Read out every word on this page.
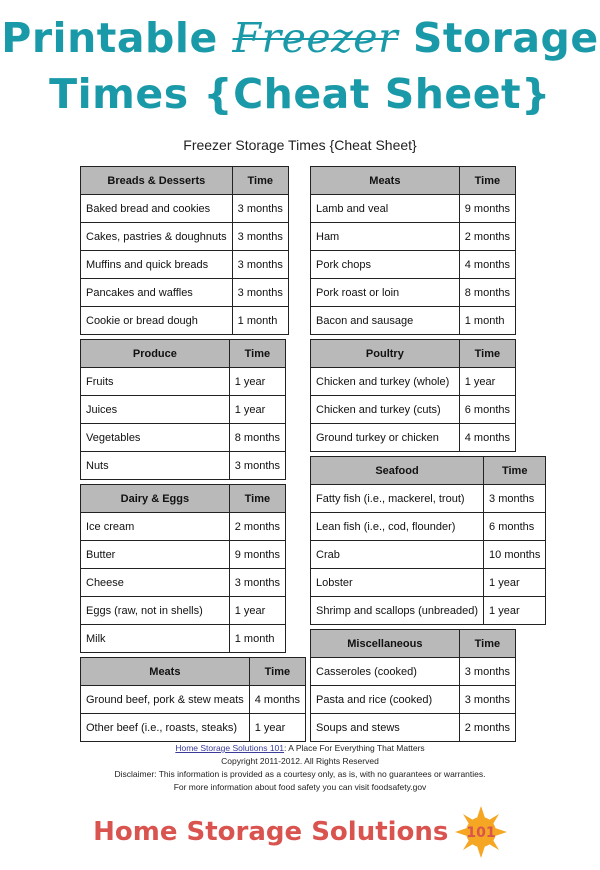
Printable Freezer Storage
Times {Cheat Sheet}
Freezer Storage Times {Cheat Sheet}
Breads & Desserts	Time
Baked bread and cookies	3 months
Cakes, pastries & doughnuts	3 months
Muffins and quick breads	3 months
Pancakes and waffles	3 months
Cookie or bread dough	1 month
Produce	Time
Fruits	1 year
Juices	1 year
Vegetables	8 months
Nuts	3 months
Dairy & Eggs	Time
Ice cream	2 months
Butter	9 months
Cheese	3 months
Eggs (raw, not in shells)	1 year
Milk	1 month
Meats	Time
Ground beef, pork & stew meats	4 months
Other beef (i.e., roasts, steaks)	1 year
Meats	Time
Lamb and veal	9 months
Ham	2 months
Pork chops	4 months
Pork roast or loin	8 months
Bacon and sausage	1 month
Poultry	Time
Chicken and turkey (whole)	1 year
Chicken and turkey (cuts)	6 months
Ground turkey or chicken	4 months
Seafood	Time
Fatty fish (i.e., mackerel, trout)	3 months
Lean fish (i.e., cod, flounder)	6 months
Crab	10 months
Lobster	1 year
Shrimp and scallops (unbreaded)	1 year
Miscellaneous	Time
Casseroles (cooked)	3 months
Pasta and rice (cooked)	3 months
Soups and stews	2 months
Home Storage Solutions 101: A Place For Everything That Matters
Copyright 2011-2012. All Rights Reserved
Disclaimer: This information is provided as a courtesy only, as is, with no guarantees or warranties.
For more information about food safety you can visit foodsafety.gov
Home Storage Solutions 101
